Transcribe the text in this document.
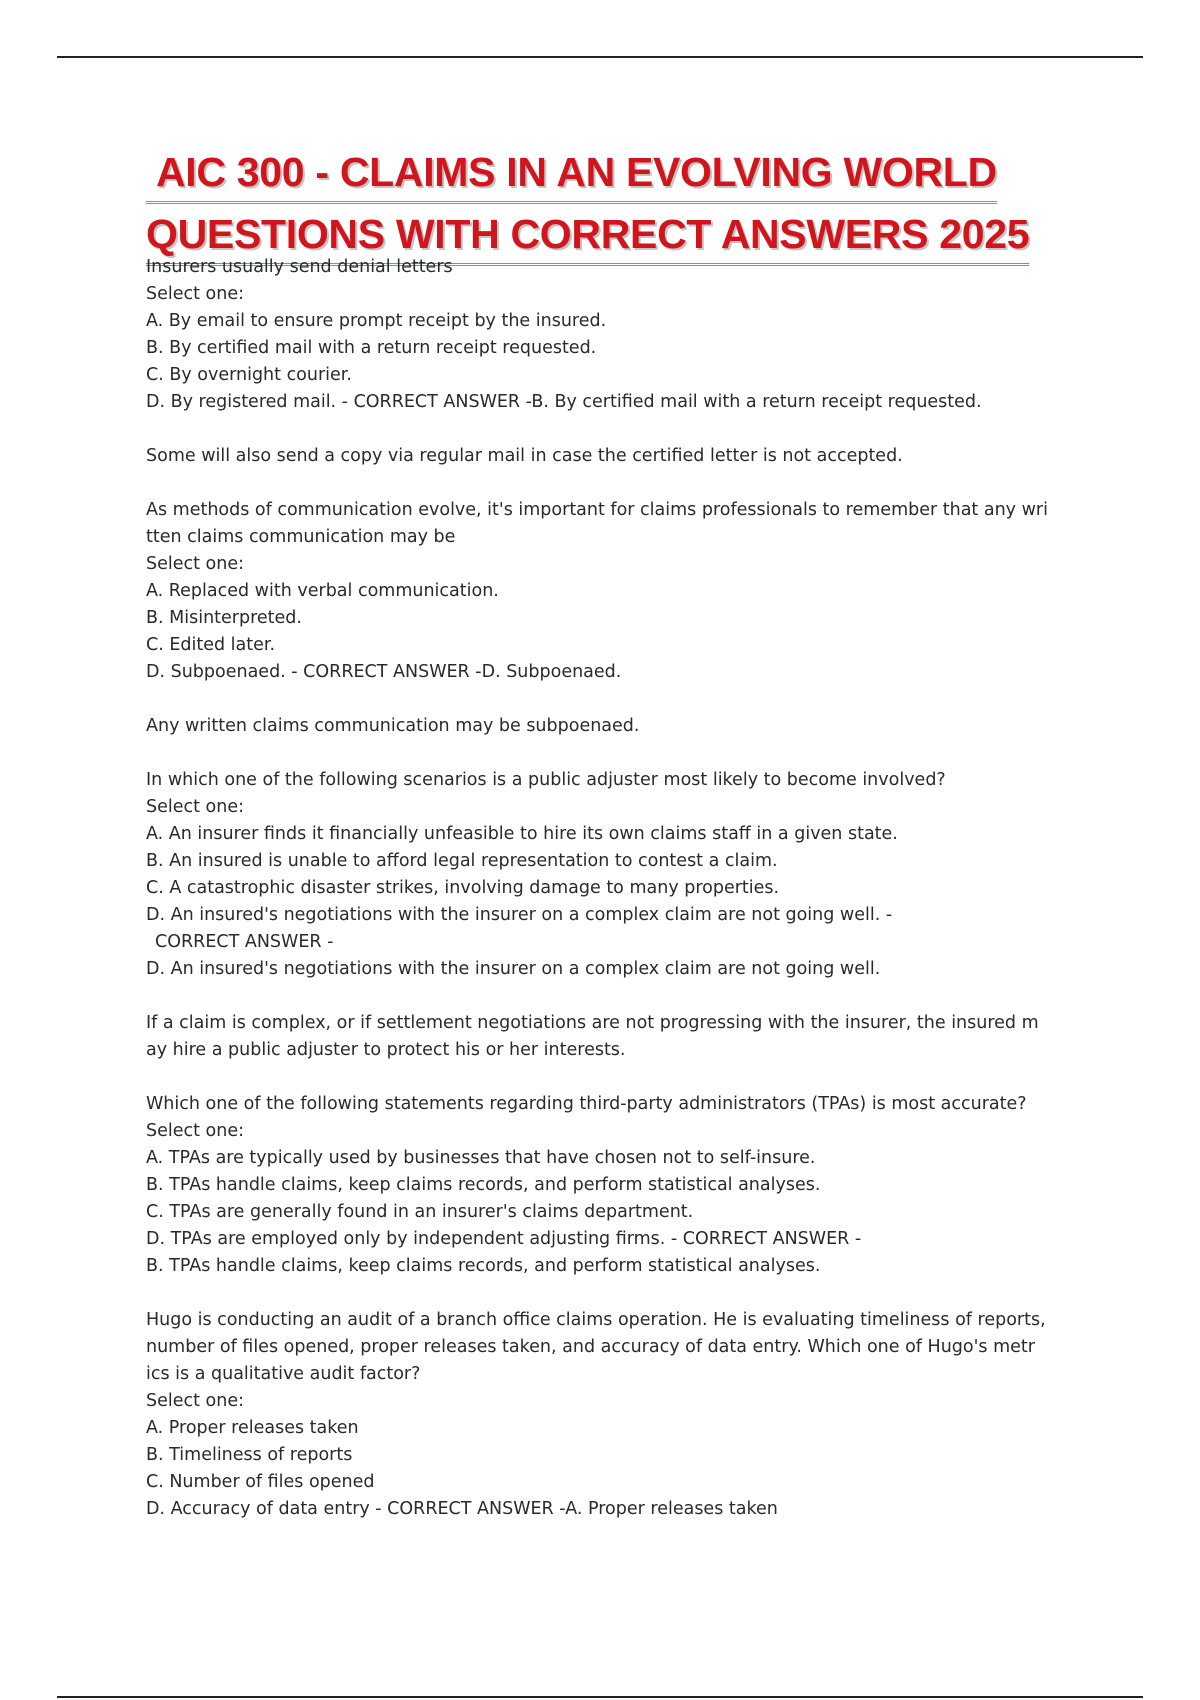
AIC 300 - CLAIMS IN AN EVOLVING WORLD
QUESTIONS WITH CORRECT ANSWERS 2025

Insurers usually send denial letters

Select one:

A. By email to ensure prompt receipt by the insured.

B. By certified mail with a return receipt requested.

C. By overnight courier.

D. By registered mail. - CORRECT ANSWER -B. By certified mail with a return receipt requested.

Some will also send a copy via regular mail in case the certified letter is not accepted.

As methods of communication evolve, it's important for claims professionals to remember that any wri

tten claims communication may be

Select one:

A. Replaced with verbal communication.

B. Misinterpreted.

C. Edited later.

D. Subpoenaed. - CORRECT ANSWER -D. Subpoenaed.

Any written claims communication may be subpoenaed.

In which one of the following scenarios is a public adjuster most likely to become involved?

Select one:

A. An insurer finds it financially unfeasible to hire its own claims staff in a given state.

B. An insured is unable to afford legal representation to contest a claim.

C. A catastrophic disaster strikes, involving damage to many properties.

D. An insured's negotiations with the insurer on a complex claim are not going well. -

CORRECT ANSWER -

D. An insured's negotiations with the insurer on a complex claim are not going well.

If a claim is complex, or if settlement negotiations are not progressing with the insurer, the insured m

ay hire a public adjuster to protect his or her interests.

Which one of the following statements regarding third-party administrators (TPAs) is most accurate?

Select one:

A. TPAs are typically used by businesses that have chosen not to self-insure.

B. TPAs handle claims, keep claims records, and perform statistical analyses.

C. TPAs are generally found in an insurer's claims department.

D. TPAs are employed only by independent adjusting firms. - CORRECT ANSWER -

B. TPAs handle claims, keep claims records, and perform statistical analyses.

Hugo is conducting an audit of a branch office claims operation. He is evaluating timeliness of reports,

number of files opened, proper releases taken, and accuracy of data entry. Which one of Hugo's metr

ics is a qualitative audit factor?

Select one:

A. Proper releases taken

B. Timeliness of reports

C. Number of files opened

D. Accuracy of data entry - CORRECT ANSWER -A. Proper releases taken
